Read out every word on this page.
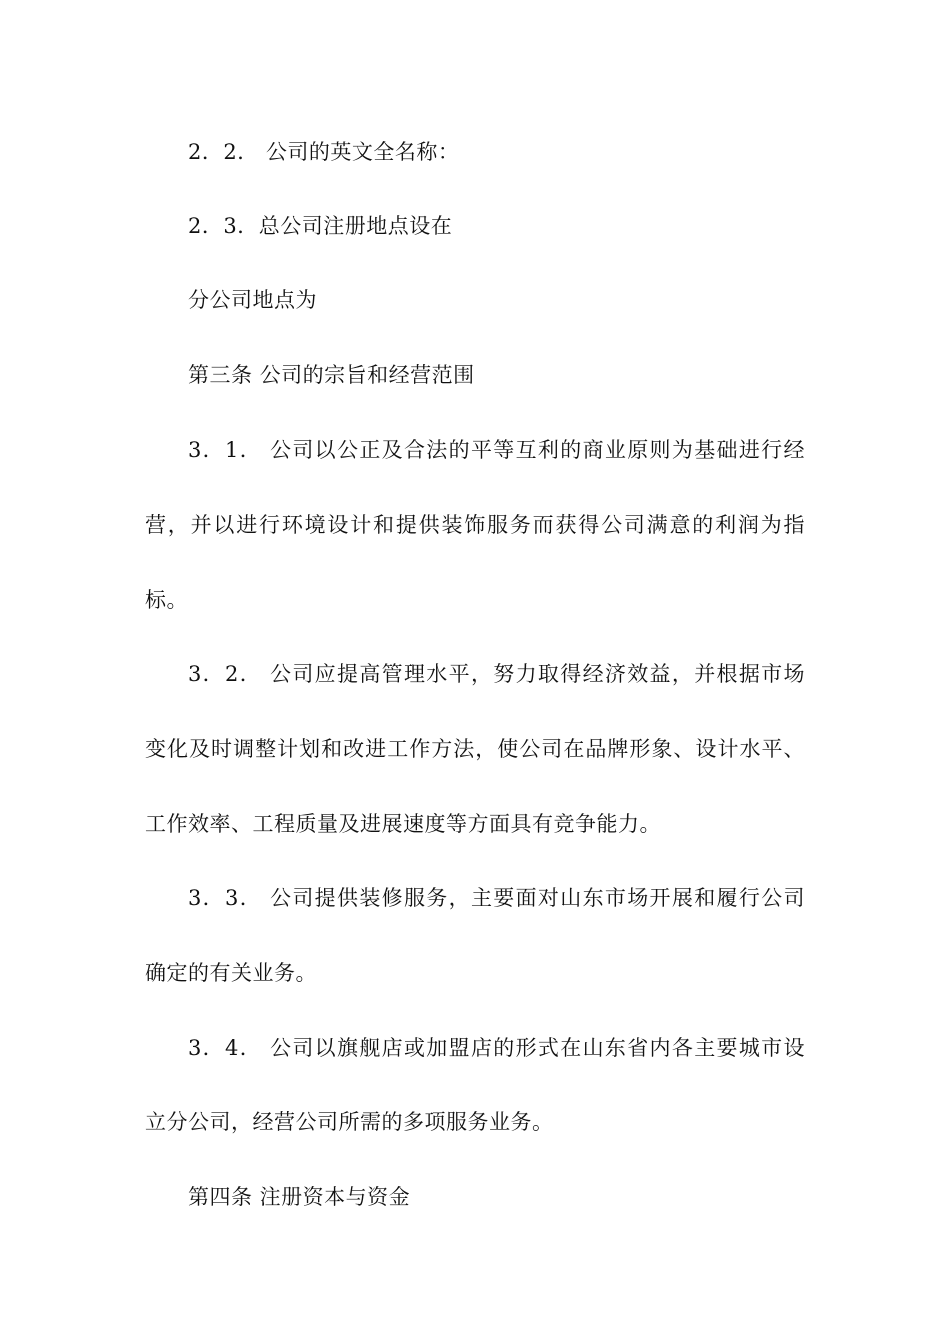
2．2． 公司的英文全名称：
2．3．总公司注册地点设在
分公司地点为
第三条 公司的宗旨和经营范围
3．1． 公司以公正及合法的平等互利的商业原则为基础进行经
营，并以进行环境设计和提供装饰服务而获得公司满意的利润为指
标。
3．2． 公司应提高管理水平，努力取得经济效益，并根据市场
变化及时调整计划和改进工作方法，使公司在品牌形象、设计水平、
工作效率、工程质量及进展速度等方面具有竞争能力。
3．3． 公司提供装修服务，主要面对山东市场开展和履行公司
确定的有关业务。
3．4． 公司以旗舰店或加盟店的形式在山东省内各主要城市设
立分公司，经营公司所需的多项服务业务。
第四条 注册资本与资金
